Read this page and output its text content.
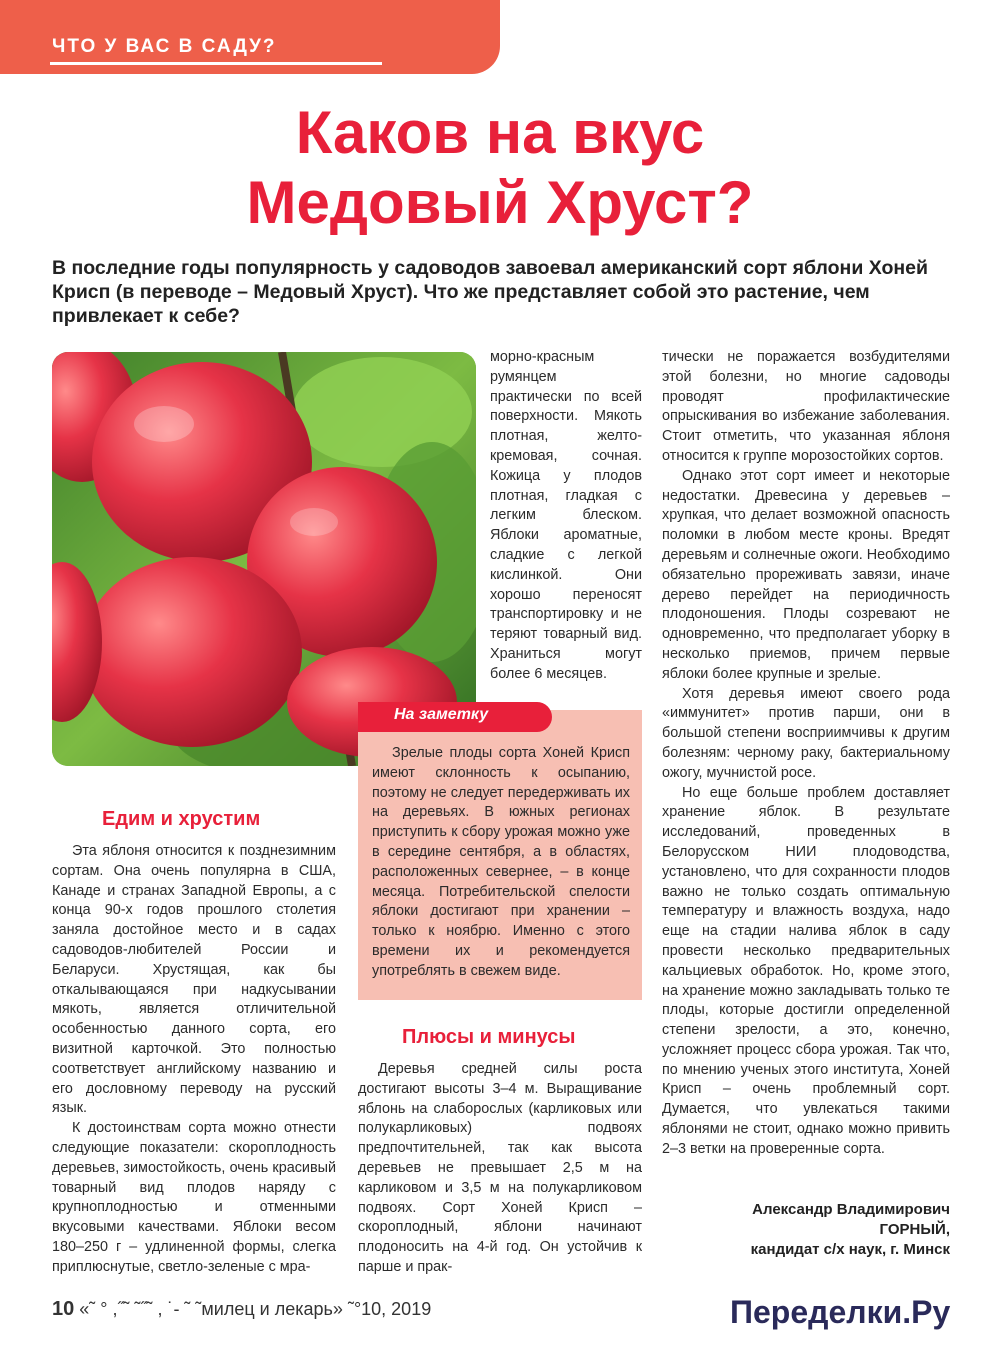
ЧТО У ВАС В САДУ?
Каков на вкус
Медовый Хруст?
В последние годы популярность у садоводов завоевал американский сорт яблони Хоней Крисп (в переводе – Медовый Хруст). Что же представляет собой это растение, чем привлекает к себе?

морно-красным румянцем практически по всей поверхности. Мякоть плотная, желто-кремовая, сочная. Кожица у плодов плотная, гладкая с легким блеском. Яблоки ароматные, сладкие с легкой кислинкой. Они хорошо переносят транспортировку и не теряют товарный вид. Храниться могут более 6 месяцев.

тически не поражается возбудителями этой болезни, но многие садоводы проводят профилактические опрыскивания во избежание заболевания. Стоит отметить, что указанная яблоня относится к группе морозостойких сортов.

Однако этот сорт имеет и некоторые недостатки. Древесина у деревьев – хрупкая, что делает возможной опасность поломки в любом месте кроны. Вредят деревьям и солнечные ожоги. Необходимо обязательно прореживать завязи, иначе дерево перейдет на периодичность плодоношения. Плоды созревают не одновременно, что предполагает уборку в несколько приемов, причем первые яблоки более крупные и зрелые.

Хотя деревья имеют своего рода «иммунитет» против парши, они в большой степени восприимчивы к другим болезням: черному раку, бактериальному ожогу, мучнистой росе.

Но еще больше проблем доставляет хранение яблок. В результате исследований, проведенных в Белорусском НИИ плодоводства, установлено, что для сохранности плодов важно не только создать оптимальную температуру и влажность воздуха, надо еще на стадии налива яблок в саду провести несколько предварительных кальциевых обработок. Но, кроме этого, на хранение можно закладывать только те плоды, которые достигли определенной степени зрелости, а это, конечно, усложняет процесс сбора урожая. Так что, по мнению ученых этого института, Хоней Крисп – очень проблемный сорт. Думается, что увлекаться такими яблонями не стоит, однако можно привить 2–3 ветки на проверенные сорта.

На заметку

Зрелые плоды сорта Хоней Крисп имеют склонность к осыпанию, поэтому не следует передерживать их на деревьях. В южных регионах приступить к сбору урожая можно уже в середине сентября, а в областях, расположенных севернее, – в конце месяца. Потребительской спелости яблоки достигают при хранении – только к ноябрю. Именно с этого времени их и рекомендуется употреблять в свежем виде.

Едим и хрустим

Эта яблоня относится к позднезимним сортам. Она очень популярна в США, Канаде и странах Западной Европы, а с конца 90-х годов прошлого столетия заняла достойное место и в садах садоводов-любителей России и Беларуси. Хрустящая, как бы откалывающаяся при надкусывании мякоть, является отличительной особенностью данного сорта, его визитной карточкой. Это полностью соответствует английскому названию и его дословному переводу на русский язык.

К достоинствам сорта можно отнести следующие показатели: скороплодность деревьев, зимостойкость, очень красивый товарный вид плодов наряду с крупноплодностью и отменными вкусовыми качествами. Яблоки весом 180–250 г – удлиненной формы, слегка приплюснутые, светло-зеленые с мра-

Плюсы и минусы

Деревья средней силы роста достигают высоты 3–4 м. Выращивание яблонь на слаборослых (карликовых или полукарликовых) подвоях предпочтительней, так как высота деревьев не превышает 2,5 м на карликовом и 3,5 м на полукарликовом подвоях. Сорт Хоней Крисп – скороплодный, яблони начинают плодоносить на 4-й год. Он устойчив к парше и прак-

Александр Владимирович
ГОРНЫЙ,
кандидат с/х наук, г. Минск
10 «˜ ° ,˝˜ ˜˝˜ , ˙- ˜ ˜милец и лекарь» ˜°10, 2019	Переделки.Ру
